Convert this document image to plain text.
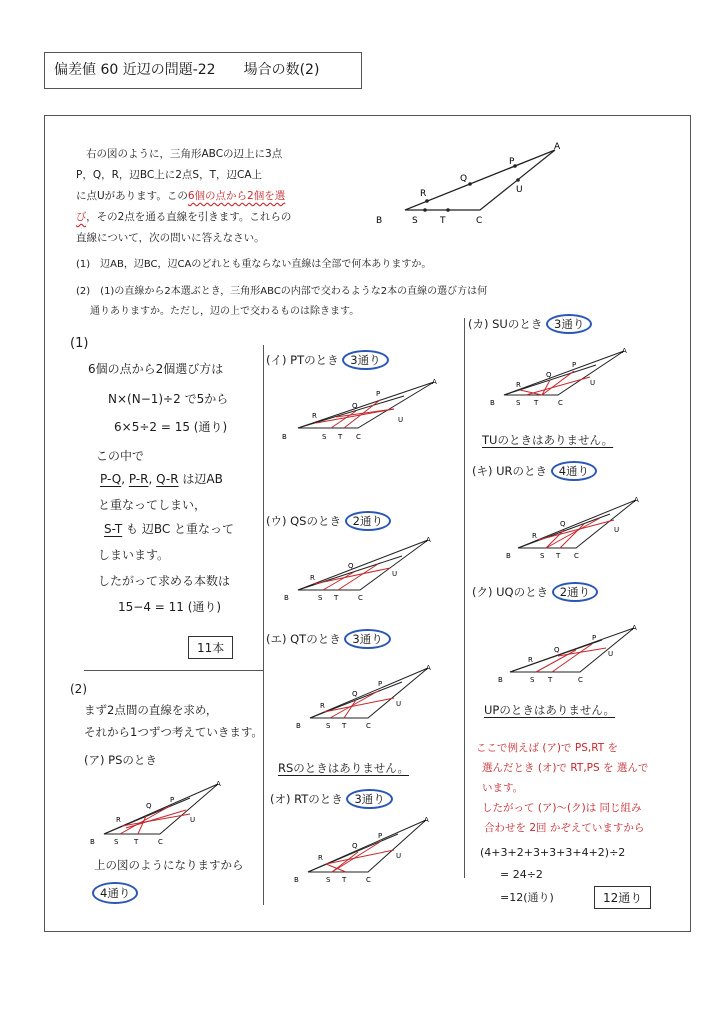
偏差値 60 近辺の問題-22　　場合の数(2)
右の図のように，三角形ABCの辺上に3点
P，Q，R，辺BC上に2点S，T，辺CA上
に点Uがあります。この6個の点から2個を選
び，その2点を通る直線を引きます。これらの
直線について，次の問いに答えなさい。
A
B	C
P
Q
R
S T
U
(1)　辺AB，辺BC，辺CAのどれとも重ならない直線は全部で何本ありますか。
(2)　(1)の直線から2本選ぶとき，三角形ABCの内部で交わるような2本の直線の選び方は何
通りありますか。ただし，辺の上で交わるものは除きます。
(1)
6個の点から2個選び方は
N×(N−1)÷2 で5から
6×5÷2 = 15 (通り)
この中で
P-Q, P-R, Q-R は辺AB
と重なってしまい，
S-T も 辺BC と重なって
しまいます。
したがって求める本数は
15−4 = 11 (通り)
11本
(2)
まず2点間の直線を求め，
それから1つずつ考えていきます。
(ア) PSのとき
上の図のようになりますから
4通り
(イ) PTのとき 3通り
(ウ) QSのとき 2通り
(エ) QTのとき 3通り
RSのときはありません。
(オ) RTのとき 3通り
(カ) SUのとき 3通り
TUのときはありません。
(キ) URのとき 4通り
(ク) UQのとき 2通り
UPのときはありません。
ここで例えば (ア)で PS,RT を
選んだとき (オ)で RT,PS を 選んで
います。
したがって (ア)〜(ク)は 同じ組み
合わせを 2回 かぞえていますから
(4+3+2+3+3+3+4+2)÷2
= 24÷2
=12(通り)	12通り
A
B	C
S T
U
P
Q
R
A
B	C
S T
U
Q
R
A
B	C
S T
U
Q
R
P
A
B	C
S T
U
Q
R
P
A
B	C
S T
U
Q
R
P
A
B	C
S T
U
Q
R
A
B	C
S T
U
Q
R
P
A
B	C
S T
U
Q
R
P
